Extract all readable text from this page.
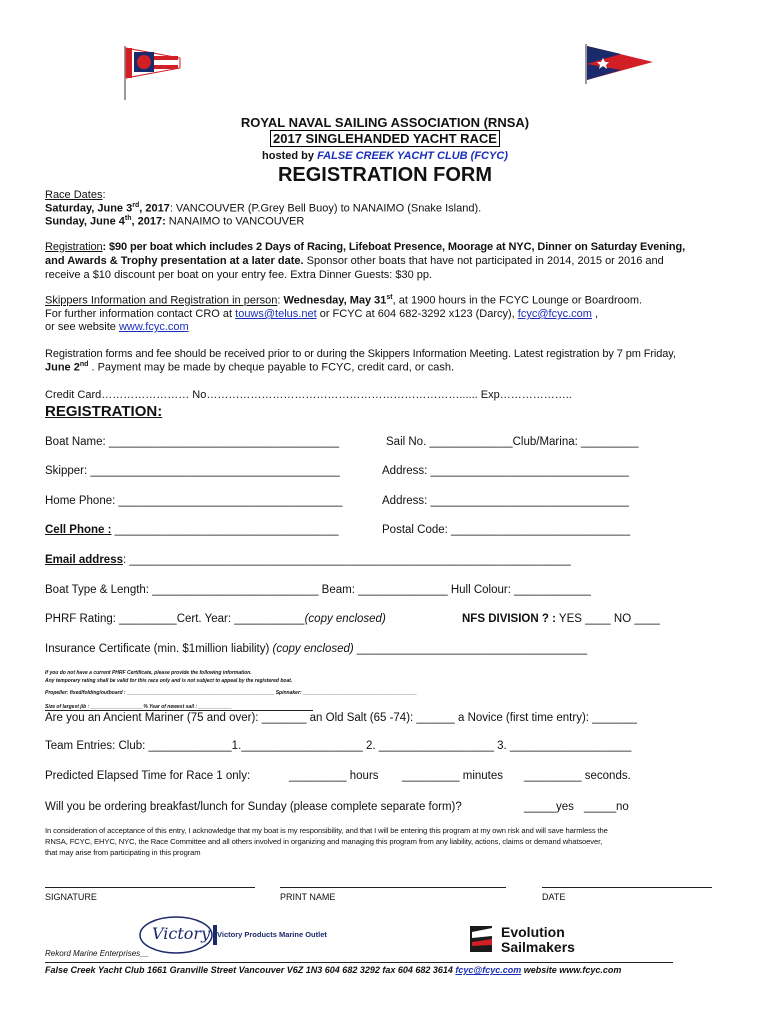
ROYAL NAVAL SAILING ASSOCIATION (RNSA)
2017 SINGLEHANDED YACHT RACE
hosted by FALSE CREEK YACHT CLUB (FCYC)
REGISTRATION FORM
Race Dates:
Saturday, June 3rd, 2017: VANCOUVER (P.Grey Bell Buoy) to NANAIMO (Snake Island).
Sunday, June 4th, 2017: NANAIMO to VANCOUVER
Registration: $90 per boat which includes 2 Days of Racing, Lifeboat Presence, Moorage at NYC, Dinner on Saturday Evening,
and Awards & Trophy presentation at a later date. Sponsor other boats that have not participated in 2014, 2015 or 2016 and
receive a $10 discount per boat on your entry fee. Extra Dinner Guests: $30 pp.
Skippers Information and Registration in person: Wednesday, May 31st, at 1900 hours in the FCYC Lounge or Boardroom.
For further information contact CRO at touws@telus.net or FCYC at 604 682-3292 x123 (Darcy), fcyc@fcyc.com ,
or see website www.fcyc.com
Registration forms and fee should be received prior to or during the Skippers Information Meeting. Latest registration by 7 pm Friday,
June 2nd . Payment may be made by cheque payable to FCYC, credit card, or cash.
Credit Card…………………… No……………………………………………………………...... Exp………………..
REGISTRATION:
Boat Name: ____________________________________	Sail No. _____________Club/Marina: _________
Skipper: _______________________________________	Address: _______________________________
Home Phone: ___________________________________	Address: _______________________________
Cell Phone : ___________________________________	Postal Code: ____________________________
Email address: _____________________________________________________________________
Boat Type & Length: __________________________ Beam: ______________ Hull Colour: ____________
PHRF Rating: _________Cert. Year: ___________(copy enclosed)	NFS DIVISION ? : YES ____ NO ____
Insurance Certificate (min. $1million liability) (copy enclosed) ____________________________________
If you do not have a current PHRF Certificate, please provide the following information.
Any temporary rating shall be valid for this race only and is not subject to appeal by the registered boat.
Propeller: fixed/folding/outboard : _____________________________________________________ Spinnaker: _________________________________________
Size of largest jib : ___________________% Year of newest sail : ____________
Are you an Ancient Mariner (75 and over): _______ an Old Salt (65 -74): ______ a Novice (first time entry): _______
Team Entries: Club: _____________1.___________________ 2. __________________ 3. ___________________
Predicted Elapsed Time for Race 1 only:	_________ hours _________ minutes _________ seconds.
Will you be ordering breakfast/lunch for Sunday (please complete separate form)?	_____yes _____no
In consideration of acceptance of this entry, I acknowledge that my boat is my responsibility, and that I will be entering this program at my own risk and will save harmless the
RNSA, FCYC, EHYC, NYC, the Race Committee and all others involved in organizing and managing this program from any liability, actions, claims or demand whatsoever,
that may arise from participating in this program
SIGNATURE	PRINT NAME	DATE
Victory Victory Products Marine Outlet	Evolution
Sailmakers
Rekord Marine Enterprises__
False Creek Yacht Club 1661 Granville Street Vancouver V6Z 1N3 604 682 3292 fax 604 682 3614 fcyc@fcyc.com website www.fcyc.com
